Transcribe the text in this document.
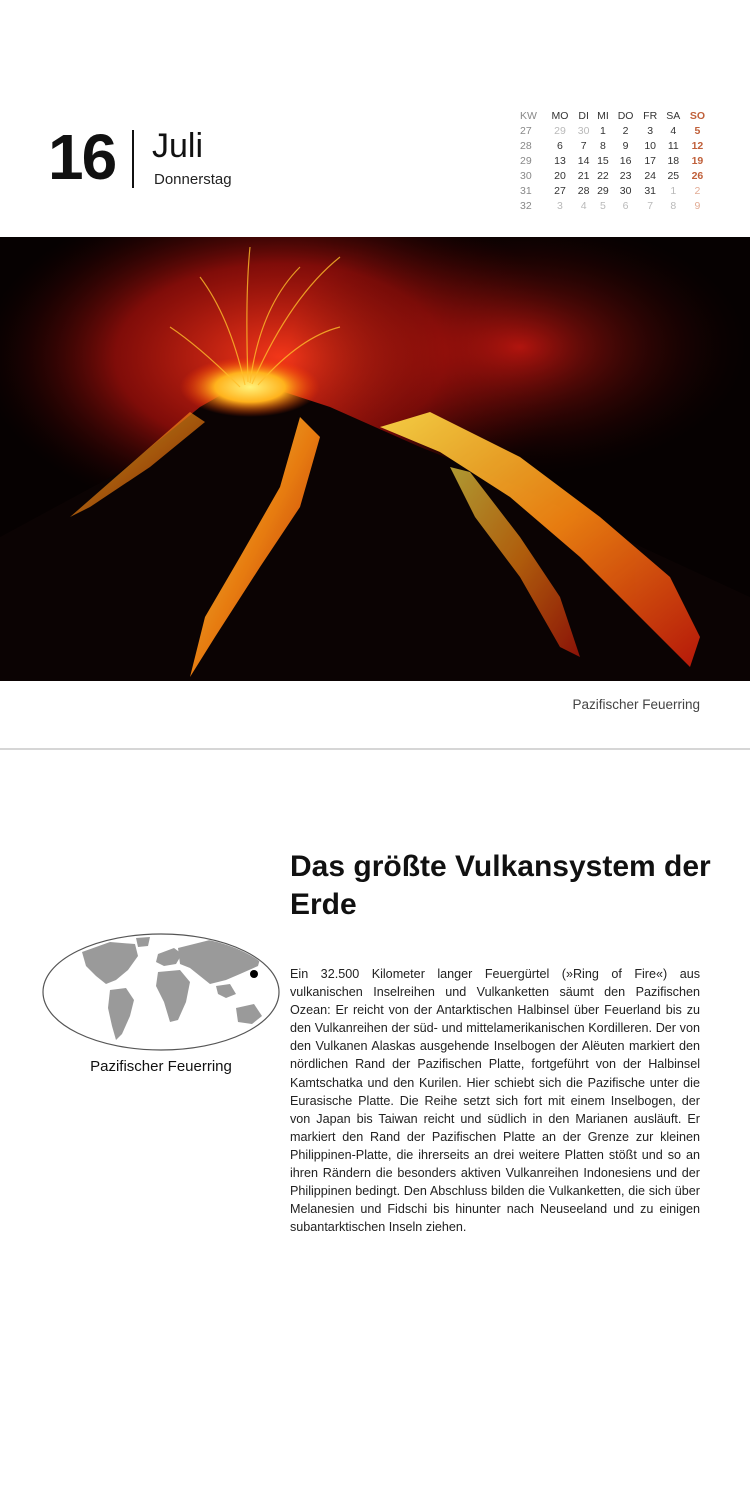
16 Juli
Donnerstag
KW	MO	DI	MI	DO	FR	SA	SO
27	29	30	1	2	3	4	5
28	6	7	8	9	10	11	12
29	13	14	15	16	17	18	19
30	20	21	22	23	24	25	26
31	27	28	29	30	31	1	2
32	3	4	5	6	7	8	9
Pazifischer Feuerring
Das größte Vulkansystem der Erde
Pazifischer Feuerring

Ein 32.500 Kilometer langer Feuergürtel (»Ring of Fire«) aus vulkanischen Inselreihen und Vulkanketten säumt den Pazifischen Ozean: Er reicht von der Antarktischen Halbinsel über Feuerland bis zu den Vulkanreihen der süd- und mittelamerikanischen Kordilleren. Der von den Vulkanen Alaskas ausgehende Inselbogen der Alëuten markiert den nördlichen Rand der Pazifischen Platte, fortgeführt von der Halbinsel Kamtschatka und den Kurilen. Hier schiebt sich die Pazifische unter die Eurasische Platte. Die Reihe setzt sich fort mit einem Inselbogen, der von Japan bis Taiwan reicht und südlich in den Marianen ausläuft. Er markiert den Rand der Pazifischen Platte an der Grenze zur kleinen Philippinen-Platte, die ihrerseits an drei weitere Platten stößt und so an ihren Rändern die besonders aktiven Vulkanreihen Indonesiens und der Philippinen bedingt. Den Abschluss bilden die Vulkanketten, die sich über Melanesien und Fidschi bis hinunter nach Neuseeland und zu einigen subantarktischen Inseln ziehen.
